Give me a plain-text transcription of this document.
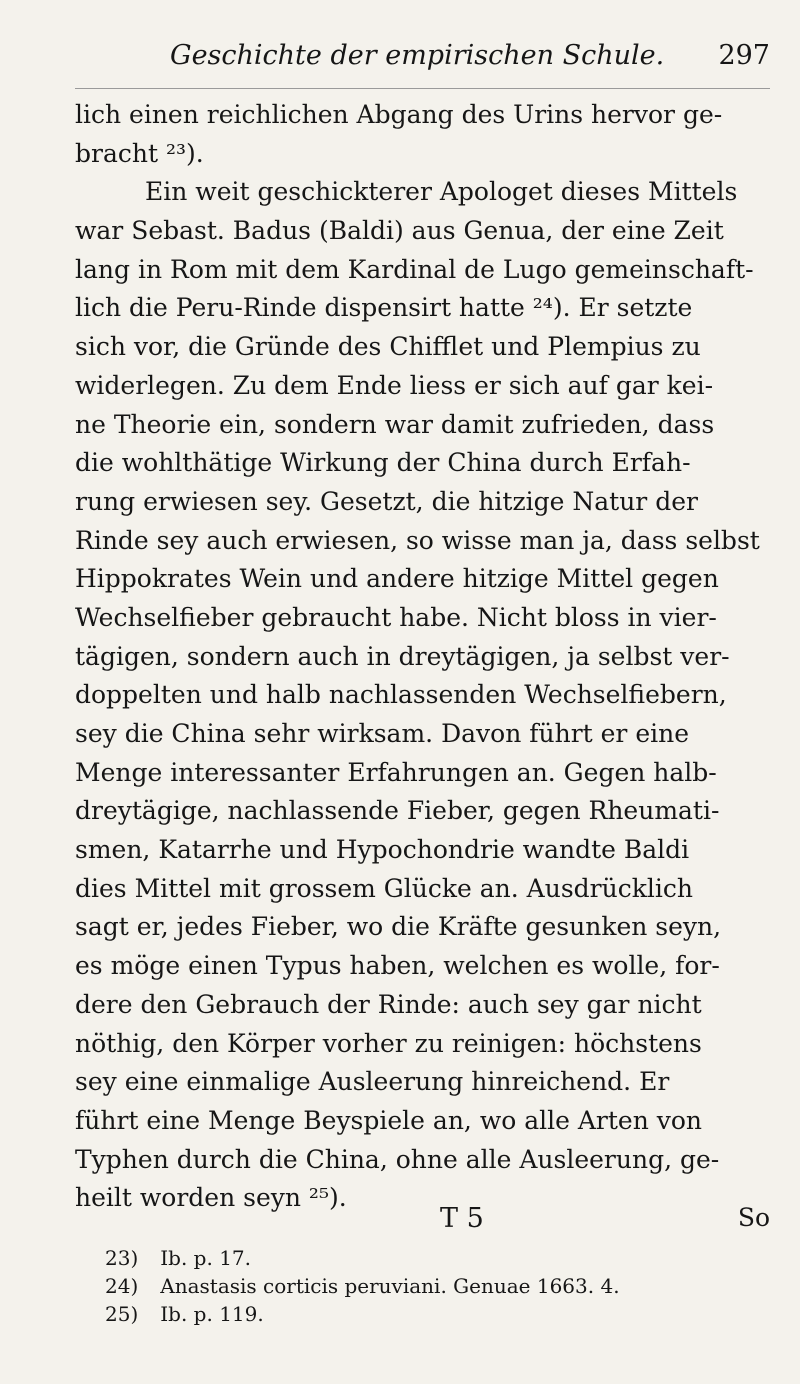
Geschichte der empirischen Schule. 297
lich einen reichlichen Abgang des Urins hervor ge-
bracht ²³).
Ein weit geschickterer Apologet dieses Mittels
war Sebast. Badus (Baldi) aus Genua, der eine Zeit
lang in Rom mit dem Kardinal de Lugo gemeinschaft-
lich die Peru-Rinde dispensirt hatte ²⁴). Er setzte
sich vor, die Gründe des Chifflet und Plempius zu
widerlegen. Zu dem Ende liess er sich auf gar kei-
ne Theorie ein, sondern war damit zufrieden, dass
die wohlthätige Wirkung der China durch Erfah-
rung erwiesen sey. Gesetzt, die hitzige Natur der
Rinde sey auch erwiesen, so wisse man ja, dass selbst
Hippokrates Wein und andere hitzige Mittel gegen
Wechselfieber gebraucht habe. Nicht bloss in vier-
tägigen, sondern auch in dreytägigen, ja selbst ver-
doppelten und halb nachlassenden Wechselfiebern,
sey die China sehr wirksam. Davon führt er eine
Menge interessanter Erfahrungen an. Gegen halb-
dreytägige, nachlassende Fieber, gegen Rheumati-
smen, Katarrhe und Hypochondrie wandte Baldi
dies Mittel mit grossem Glücke an. Ausdrücklich
sagt er, jedes Fieber, wo die Kräfte gesunken seyn,
es möge einen Typus haben, welchen es wolle, for-
dere den Gebrauch der Rinde: auch sey gar nicht
nöthig, den Körper vorher zu reinigen: höchstens
sey eine einmalige Ausleerung hinreichend. Er
führt eine Menge Beyspiele an, wo alle Arten von
Typhen durch die China, ohne alle Ausleerung, ge-
heilt worden seyn ²⁵).
T 5	So
23) Ib. p. 17.
24) Anastasis corticis peruviani. Genuae 1663. 4.
25) Ib. p. 119.
